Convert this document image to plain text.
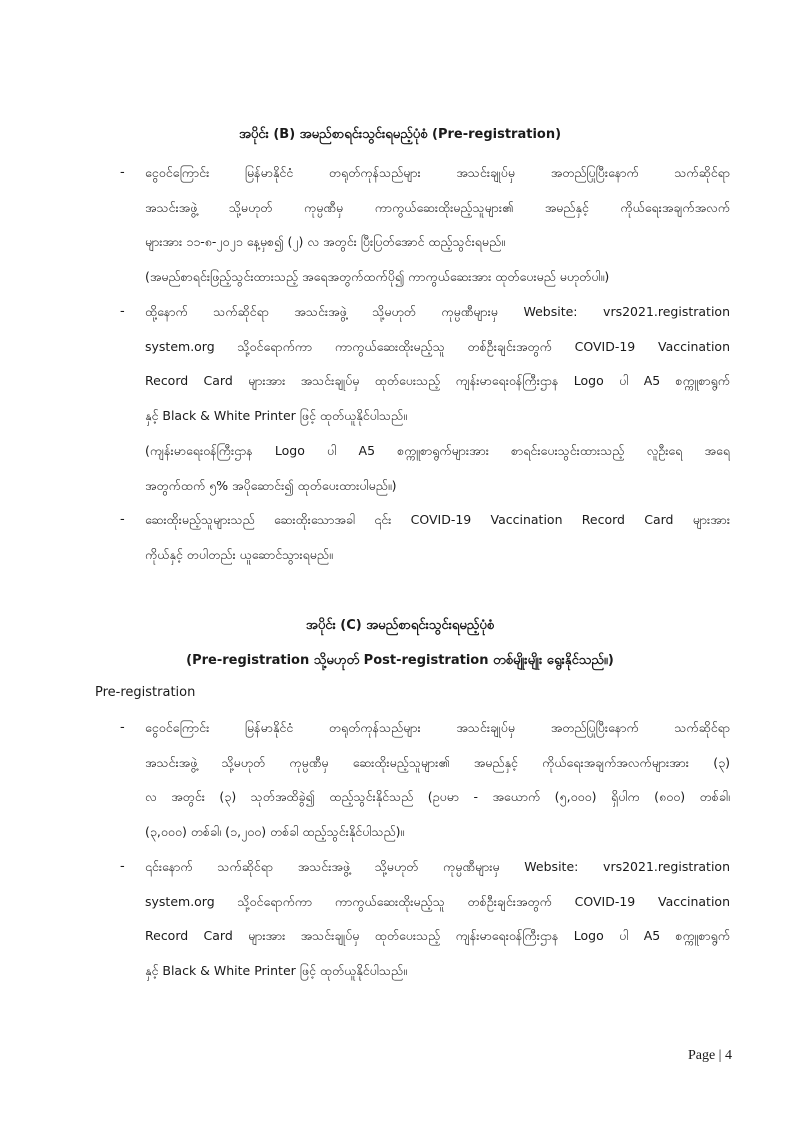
အပိုင်း (B) အမည်စာရင်းသွင်းရမည့်ပုံစံ (Pre-registration)
- ငွေဝင်ကြောင်း မြန်မာနိုင်ငံ တရုတ်ကုန်သည်များ အသင်းချုပ်မှ အတည်ပြုပြီးနောက် သက်ဆိုင်ရာ
အသင်းအဖွဲ့ သို့မဟုတ် ကုမ္ပဏီမှ ကာကွယ်ဆေးထိုးမည့်သူများ၏ အမည်နှင့် ကိုယ်ရေးအချက်အလက်
များအား ၁၁-၈-၂၀၂၁ နေ့မှစ၍ (၂) လ အတွင်း ပြီးပြတ်အောင် ထည့်သွင်းရမည်။
(အမည်စာရင်းဖြည့်သွင်းထားသည့် အရေအတွက်ထက်ပို၍ ကာကွယ်ဆေးအား ထုတ်ပေးမည် မဟုတ်ပါ။)
- ထို့နောက် သက်ဆိုင်ရာ အသင်းအဖွဲ့ သို့မဟုတ် ကုမ္ပဏီများမှ Website: vrs2021.registration
system.org သို့ဝင်ရောက်ကာ ကာကွယ်ဆေးထိုးမည့်သူ တစ်ဦးချင်းအတွက် COVID-19 Vaccination
Record Card များအား အသင်းချုပ်မှ ထုတ်ပေးသည့် ကျန်းမာရေးဝန်ကြီးဌာန Logo ပါ A5 စက္ကူစာရွက်
နှင့် Black & White Printer ဖြင့် ထုတ်ယူနိုင်ပါသည်။
(ကျန်းမာရေးဝန်ကြီးဌာန Logo ပါ A5 စက္ကူစာရွက်များအား စာရင်းပေးသွင်းထားသည့် လူဦးရေ အရေ
အတွက်ထက် ၅% အပိုဆောင်း၍ ထုတ်ပေးထားပါမည်။)
- ဆေးထိုးမည့်သူများသည် ဆေးထိုးသောအခါ ၎င်း COVID-19 Vaccination Record Card များအား
ကိုယ်နှင့် တပါတည်း ယူဆောင်သွားရမည်။
အပိုင်း (C) အမည်စာရင်းသွင်းရမည့်ပုံစံ
(Pre-registration သို့မဟုတ် Post-registration တစ်မျိုးမျိုး ရွေးနိုင်သည်။)
Pre-registration
- ငွေဝင်ကြောင်း မြန်မာနိုင်ငံ တရုတ်ကုန်သည်များ အသင်းချုပ်မှ အတည်ပြုပြီးနောက် သက်ဆိုင်ရာ
အသင်းအဖွဲ့ သို့မဟုတ် ကုမ္ပဏီမှ ဆေးထိုးမည့်သူများ၏ အမည်နှင့် ကိုယ်ရေးအချက်အလက်များအား (၃)
လ အတွင်း (၃) သုတ်အထိခွဲ၍ ထည့်သွင်းနိုင်သည် (ဥပမာ - အယောက် (၅,၀၀၀) ရှိပါက (၈၀၀) တစ်ခါ၊
(၃,၀၀၀) တစ်ခါ၊ (၁,၂၀၀) တစ်ခါ ထည့်သွင်းနိုင်ပါသည်)။
- ၎င်းနောက် သက်ဆိုင်ရာ အသင်းအဖွဲ့ သို့မဟုတ် ကုမ္ပဏီများမှ Website: vrs2021.registration
system.org သို့ဝင်ရောက်ကာ ကာကွယ်ဆေးထိုးမည့်သူ တစ်ဦးချင်းအတွက် COVID-19 Vaccination
Record Card များအား အသင်းချုပ်မှ ထုတ်ပေးသည့် ကျန်းမာရေးဝန်ကြီးဌာန Logo ပါ A5 စက္ကူစာရွက်
နှင့် Black & White Printer ဖြင့် ထုတ်ယူနိုင်ပါသည်။
Page | 4
